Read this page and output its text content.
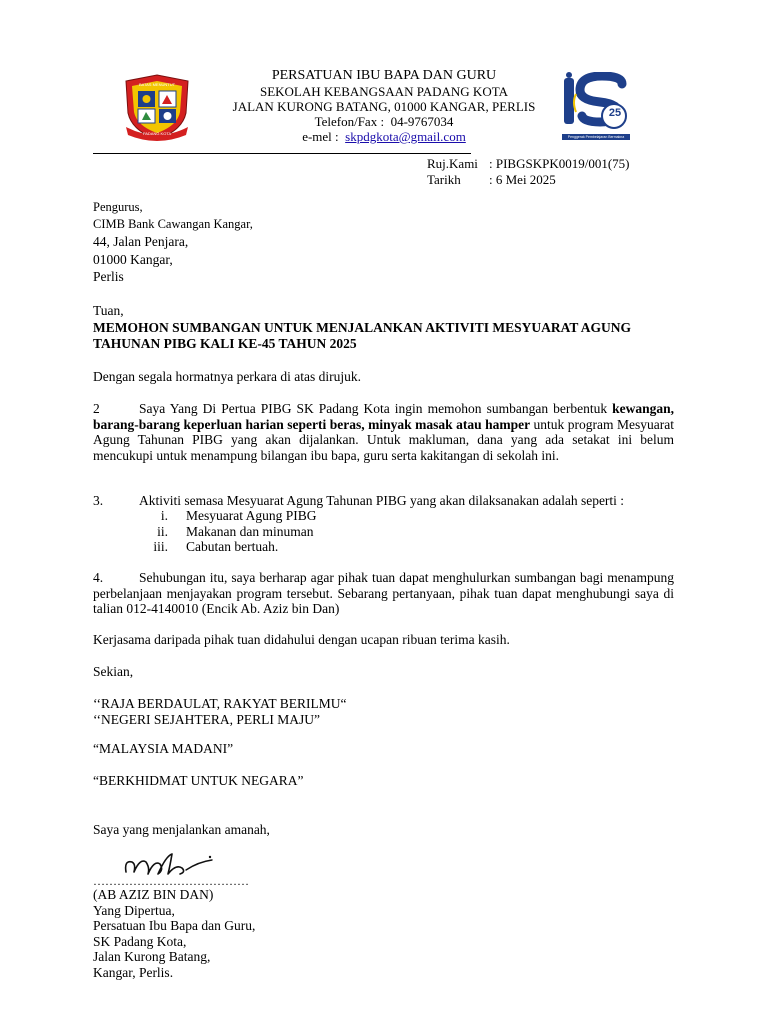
BATAS MENUNTUT
PADANG KOTA
25
Penggerak Pembelajaran Bermakna
PERSATUAN IBU BAPA DAN GURU
SEKOLAH KEBANGSAAN PADANG KOTA
JALAN KURONG BATANG, 01000 KANGAR, PERLIS
Telefon/Fax :  04-9767034
e-mel :  skpdgkota@gmail.com
Ruj.Kami : PIBGSKPK0019/001(75)
Tarikh	: 6 Mei 2025
Pengurus,
CIMB Bank Cawangan Kangar,
44, Jalan Penjara,
01000 Kangar,
Perlis
Tuan,
MEMOHON SUMBANGAN UNTUK MENJALANKAN AKTIVITI MESYUARAT AGUNG
TAHUNAN PIBG KALI KE-45 TAHUN 2025
Dengan segala hormatnya perkara di atas dirujuk.
2	Saya Yang Di Pertua PIBG SK Padang Kota ingin memohon sumbangan berbentuk kewangan, barang-barang keperluan harian seperti beras, minyak masak atau hamper untuk program Mesyuarat Agung Tahunan PIBG yang akan dijalankan. Untuk makluman, dana yang ada setakat ini belum mencukupi untuk menampung bilangan ibu bapa, guru serta kakitangan di sekolah ini.
3.	Aktiviti semasa Mesyuarat Agung Tahunan PIBG yang akan dilaksanakan adalah seperti :
i.	Mesyuarat Agung PIBG
ii.	Makanan dan minuman
iii.	Cabutan bertuah.
4.	Sehubungan itu, saya berharap agar pihak tuan dapat menghulurkan sumbangan bagi menampung perbelanjaan menjayakan program tersebut. Sebarang pertanyaan, pihak tuan dapat menghubungi saya di talian 012-4140010 (Encik Ab. Aziz bin Dan)
Kerjasama daripada pihak tuan didahului dengan ucapan ribuan terima kasih.
Sekian,
‘‘RAJA BERDAULAT, RAKYAT BERILMU“
‘‘NEGERI SEJAHTERA, PERLI MAJU”
“MALAYSIA MADANI”
“BERKHIDMAT UNTUK NEGARA”
Saya yang menjalankan amanah,
…………………………………
(AB AZIZ BIN DAN)
Yang Dipertua,
Persatuan Ibu Bapa dan Guru,
SK Padang Kota,
Jalan Kurong Batang,
Kangar, Perlis.
